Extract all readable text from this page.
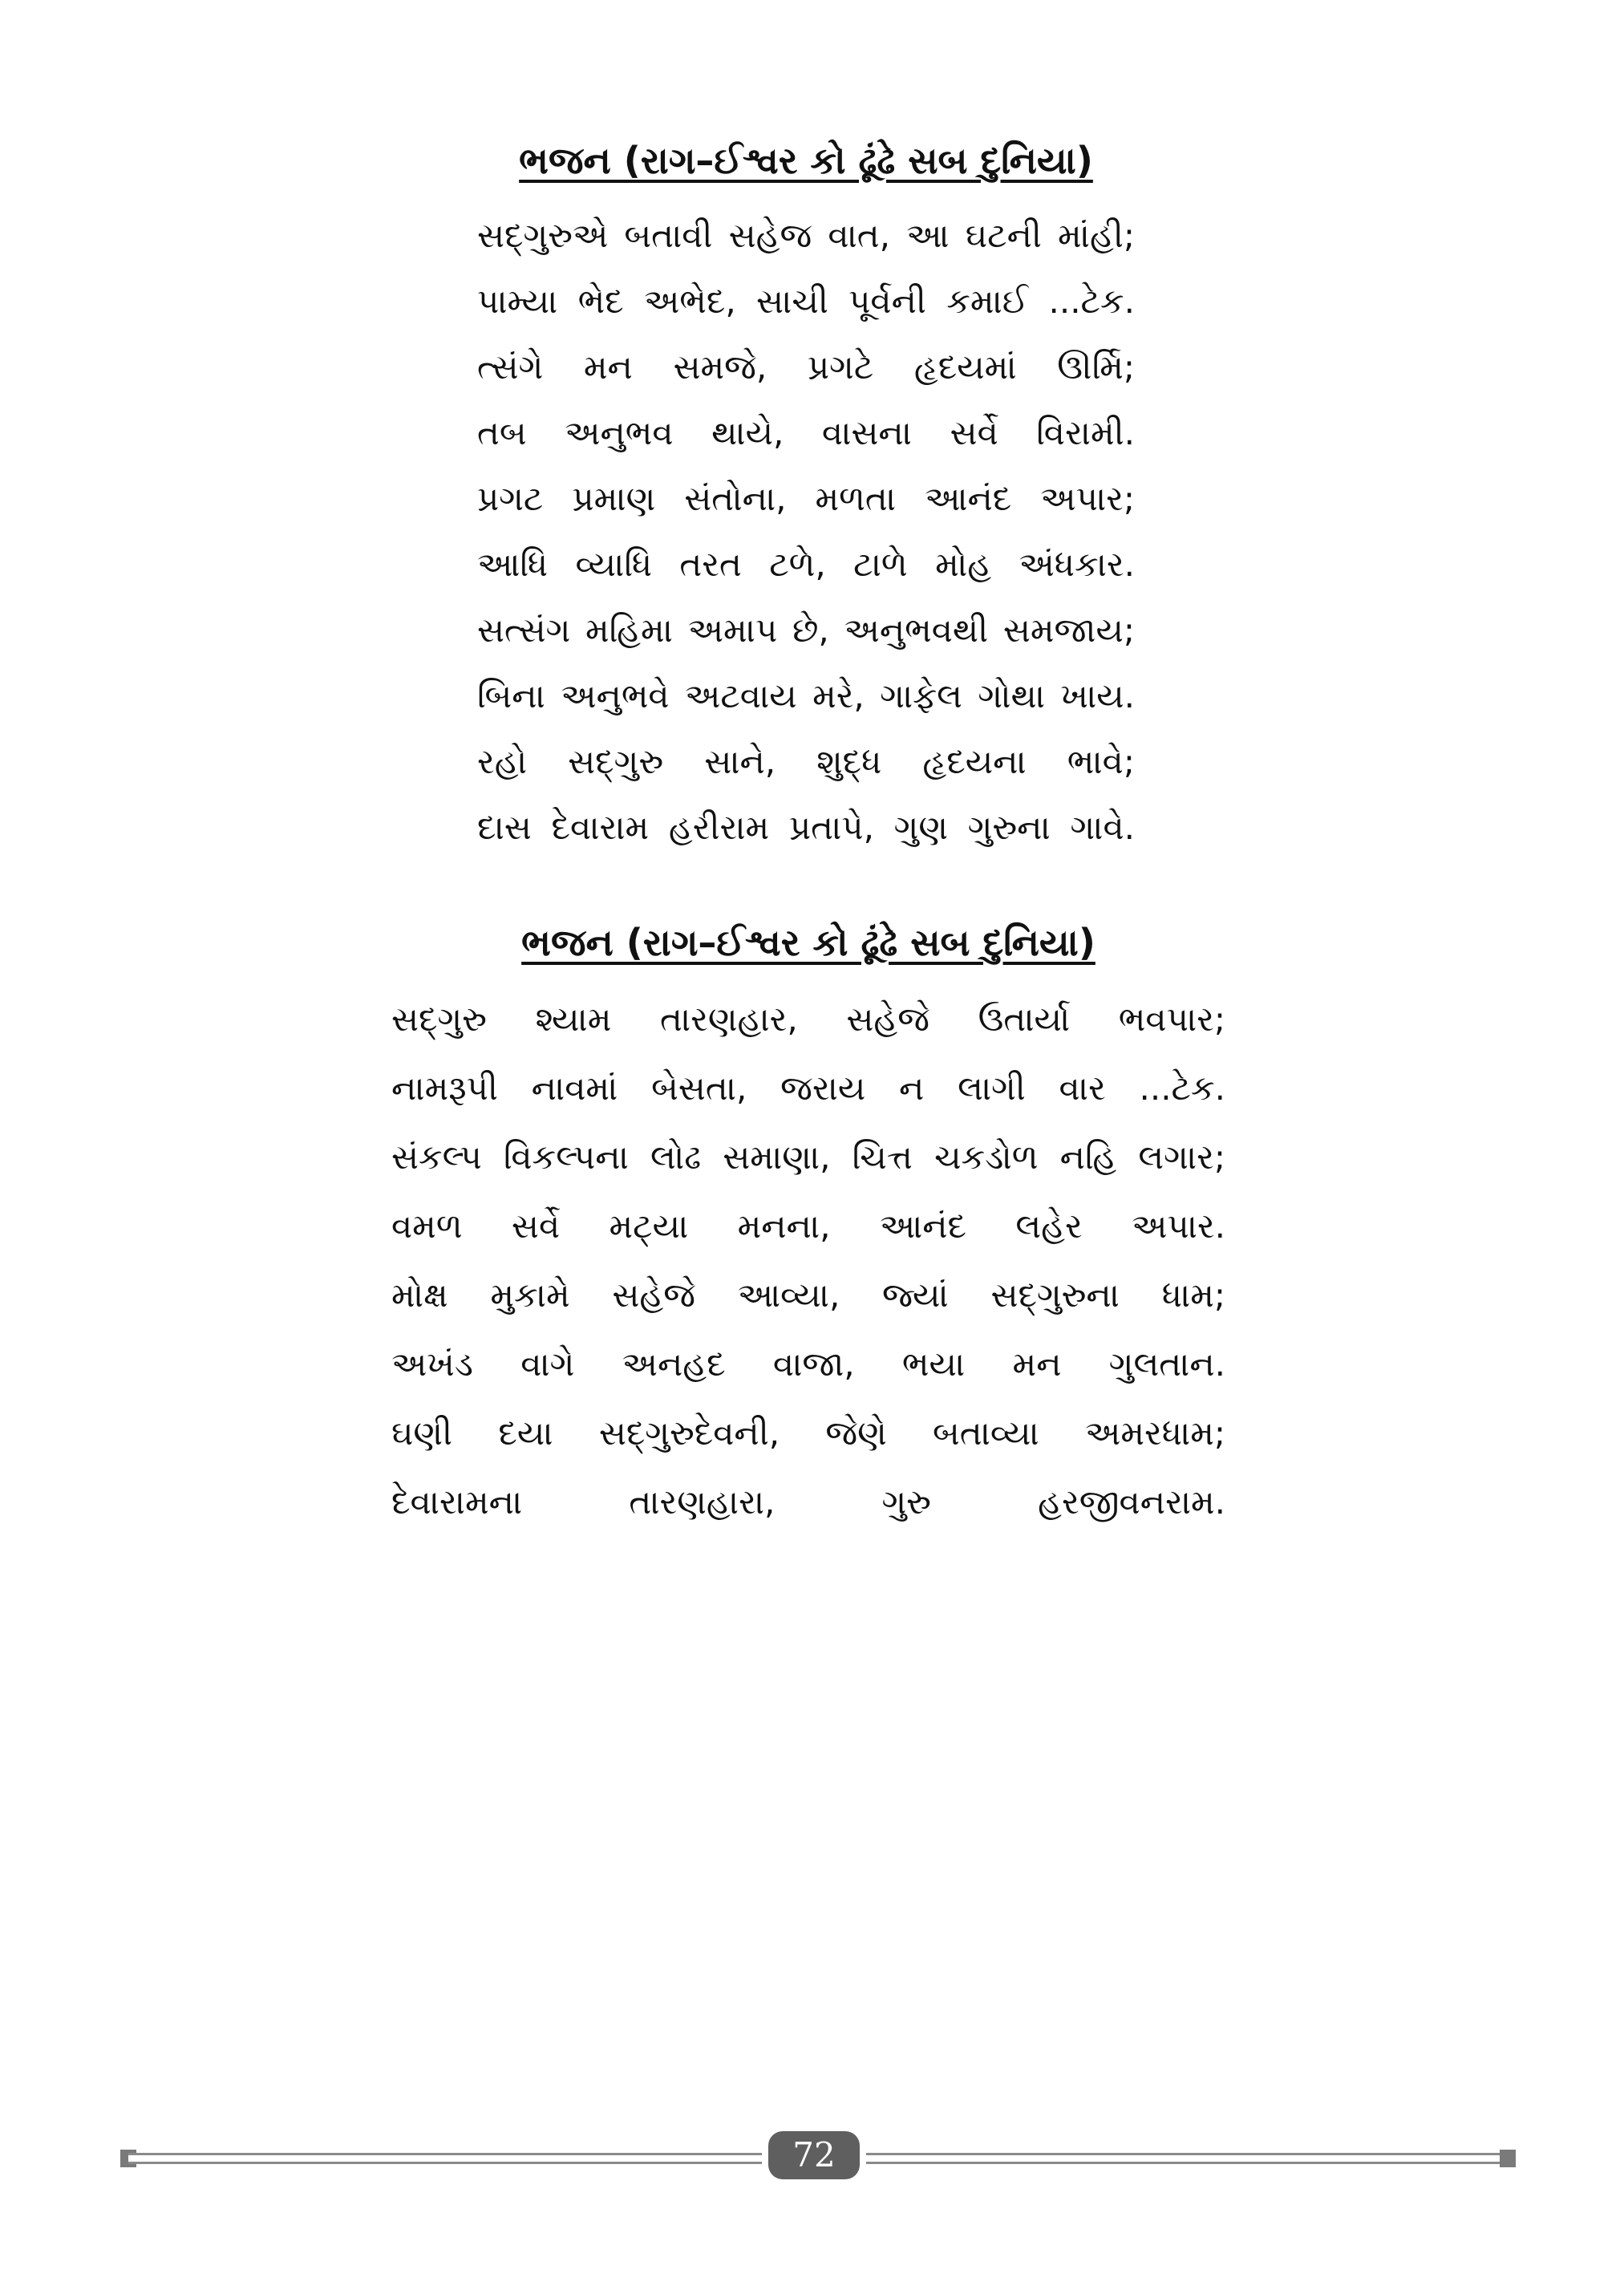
ભજન (રાગ–ઈશ્વર કો ઢૂંઢે સબ દુનિયા)
સદ્‌ગુરુએ બતાવી સહેજ વાત, આ ઘટની માંહી;
પામ્યા ભેદ અભેદ, સાચી પૂર્વની કમાઈ ...ટેક.
ત્સંગે મન સમજે, પ્રગટે હૃદયમાં ઊર્મિ;
તબ અનુભવ થાયે, વાસના સર્વે વિરામી.
પ્રગટ પ્રમાણ સંતોના, મળતા આનંદ અપાર;
આધિ વ્યાધિ તરત ટળે, ટાળે મોહ અંધકાર.
સત્સંગ મહિમા અમાપ છે, અનુભવથી સમજાય;
બિના અનુભવે અટવાય મરે, ગાફેલ ગોથા ખાય.
રહો સદ્‌ગુરુ સાને, શુદ્ધ હૃદયના ભાવે;
દાસ દેવારામ હરીરામ પ્રતાપે, ગુણ ગુરુના ગાવે.
ભજન (રાગ–ઈશ્વર કો ઢૂંઢે સબ દુનિયા)
સદ્‌ગુરુ શ્યામ તારણહાર, સહેજે ઉતાર્યા ભવપાર;
નામરૂપી નાવમાં બેસતા, જરાય ન લાગી વાર ...ટેક.
સંકલ્પ વિકલ્પના લોઢ સમાણા, ચિત્ત ચકડોળ નહિ લગાર;
વમળ સર્વે મટ્યા મનના, આનંદ લહેર અપાર.
મોક્ષ મુકામે સહેજે આવ્યા, જ્યાં સદ્‌ગુરુના ધામ;
અખંડ વાગે અનહદ વાજા, ભયા મન ગુલતાન.
ઘણી દયા સદ્‌ગુરુદેવની, જેણે બતાવ્યા અમરધામ;
દેવારામના તારણહારા, ગુરુ હરજીવનરામ.
72
